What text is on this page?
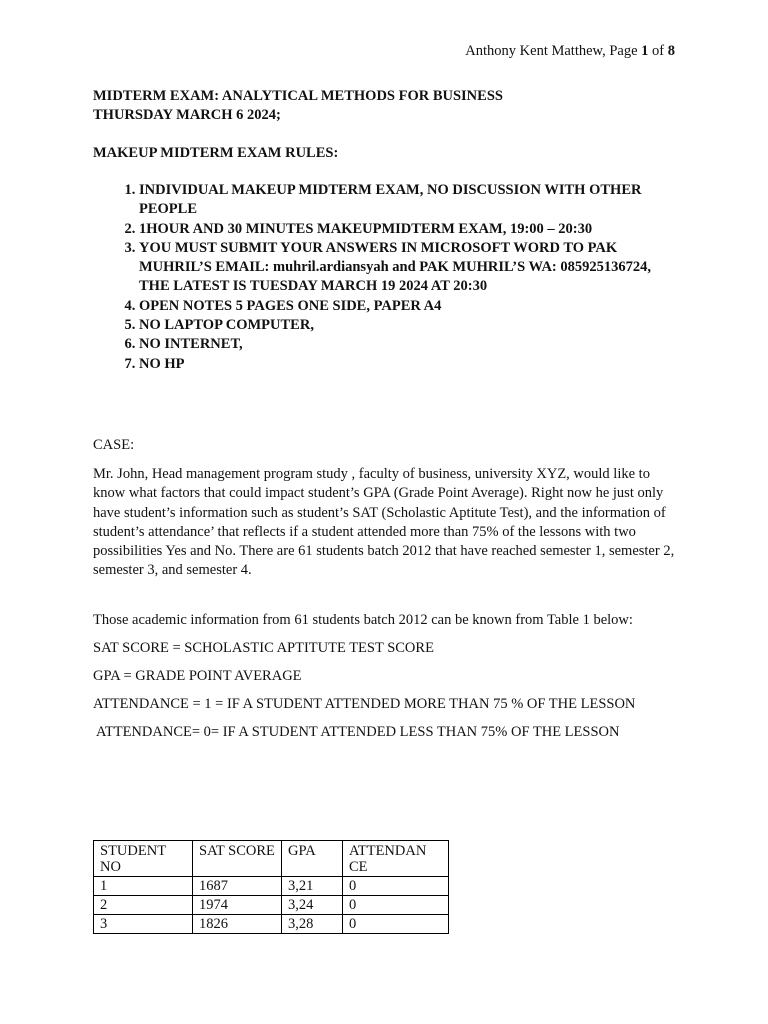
Anthony Kent Matthew, Page 1 of 8

MIDTERM EXAM: ANALYTICAL METHODS FOR BUSINESS

THURSDAY MARCH 6 2024;

MAKEUP MIDTERM EXAM RULES:

1. INDIVIDUAL MAKEUP MIDTERM EXAM, NO DISCUSSION WITH OTHER PEOPLE
2. 1HOUR AND 30 MINUTES MAKEUPMIDTERM EXAM, 19:00 – 20:30
3. YOU MUST SUBMIT YOUR ANSWERS IN MICROSOFT WORD TO PAK MUHRIL’S EMAIL: muhril.ardiansyah and PAK MUHRIL’S WA: 085925136724, THE LATEST IS TUESDAY MARCH 19 2024 AT 20:30
4. OPEN NOTES 5 PAGES ONE SIDE, PAPER A4
5. NO LAPTOP COMPUTER,
6. NO INTERNET,
7. NO HP

CASE:

Mr. John, Head management program study , faculty of business, university XYZ, would like to know what factors that could impact student’s GPA (Grade Point Average). Right now he just only have student’s information such as student’s SAT (Scholastic Aptitute Test), and the information of student’s attendance’ that reflects if a student attended more than 75% of the lessons with two possibilities Yes and No. There are 61 students batch 2012 that have reached semester 1, semester 2, semester 3, and semester 4.

Those academic information from 61 students batch 2012 can be known from Table 1 below:

SAT SCORE = SCHOLASTIC APTITUTE TEST SCORE

GPA = GRADE POINT AVERAGE

ATTENDANCE = 1 = IF A STUDENT ATTENDED MORE THAN 75 % OF THE LESSON

ATTENDANCE= 0= IF A STUDENT ATTENDED LESS THAN 75% OF THE LESSON

STUDENT NO	SAT SCORE	GPA	ATTENDAN CE
1	1687	3,21	0
2	1974	3,24	0
3	1826	3,28	0
